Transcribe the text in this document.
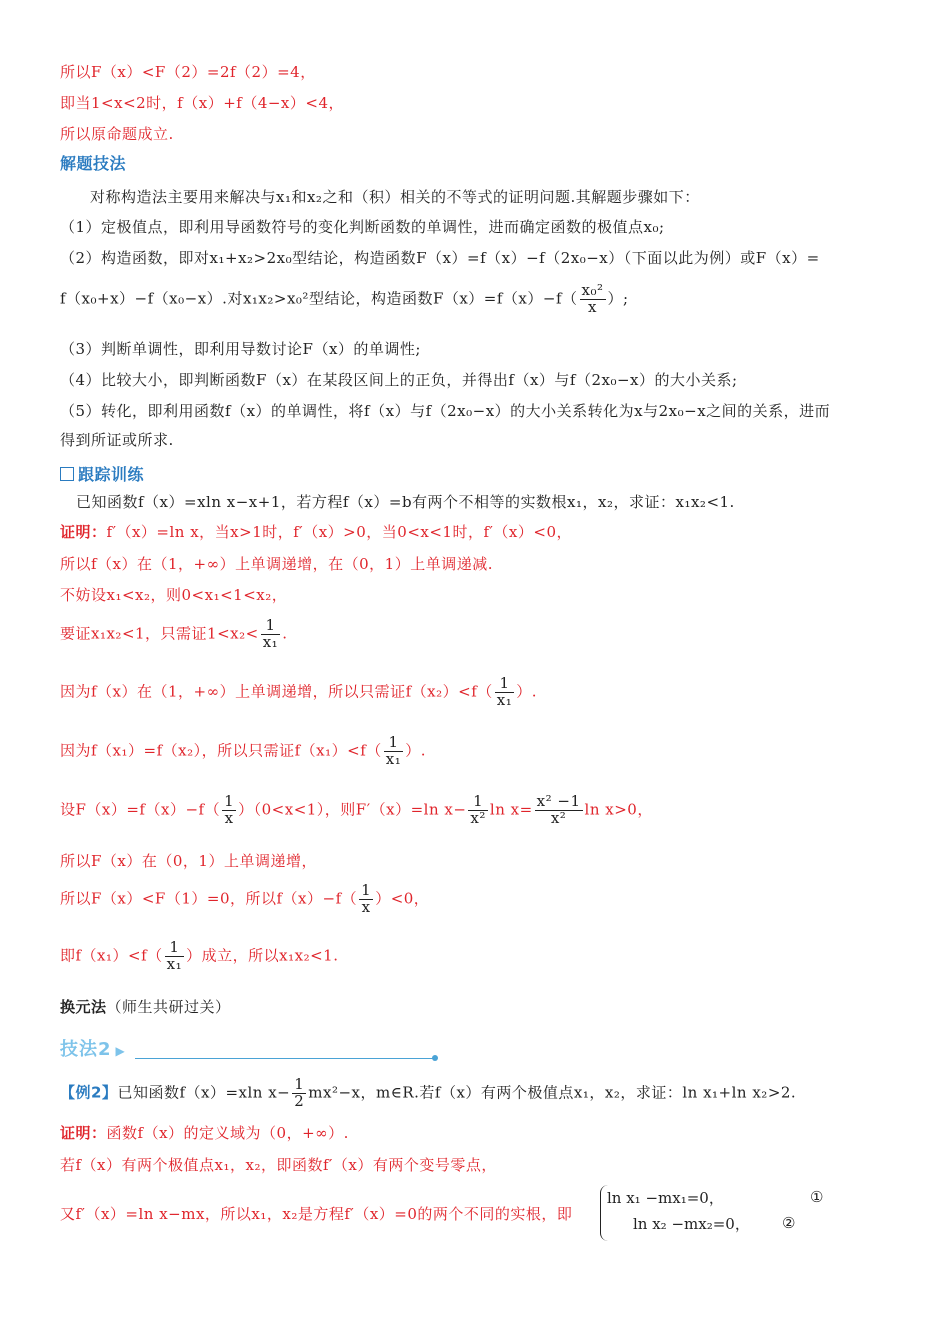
所以F（x）<F（2）=2f（2）=4，
即当1<x<2时，f（x）+f（4−x）<4，
所以原命题成立.
解题技法
对称构造法主要用来解决与x₁和x₂之和（积）相关的不等式的证明问题.其解题步骤如下：
（1）定极值点，即利用导函数符号的变化判断函数的单调性，进而确定函数的极值点x₀;
（2）构造函数，即对x₁+x₂>2x₀型结论，构造函数F（x）=f（x）−f（2x₀−x）（下面以此为例）或F（x）=
f（x₀+x）−f（x₀−x）.对x₁x₂>x₀²型结论，构造函数$F(x)=f(x)-f( \frac{\text{x₀²}}{x}$ ）;
（3）判断单调性，即利用导数讨论F（x）的单调性;
（4）比较大小，即判断函数F（x）在某段区间上的正负，并得出f（x）与f（2x₀−x）的大小关系;
（5）转化，即利用函数f（x）的单调性，将f（x）与f（2x₀−x）的大小关系转化为x与2x₀−x之间的关系，进而
得到所证或所求.
跟踪训练
已知函数f（x）=xln x−x+1，若方程f（x）=b有两个不相等的实数根x₁，x₂，求证：x₁x₂<1.
证明：f′（x）=ln x，当x>1时，f′（x）>0，当0<x<1时，f′（x）<0，
所以f（x）在（1，+∞）上单调递增，在（0，1）上单调递减.
不妨设x₁<x₂，则0<x₁<1<x₂，
要证x₁x₂<1，只需证$1<x_2< \frac{1}{\text{x₁}}$ .
因为f（x）在（1，+∞）上单调递增，所以只需证$f(x_2)<f( \frac{1}{\text{x₁}}$ ）.
因为f（x₁）=f（x₂），所以只需证$f(x_1)<f( \frac{1}{\text{x₁}}$ ）.
设$F(x)=f(x)-f( \frac{1}{x} )(0<x<1)$，则F′（x）=ln $x- \frac{1}{\text{x²}}$ $\ln x= \frac{\text{x² −1}}{\text{x²}}$ ln x>0，
所以F（x）在（0，1）上单调递增，
所以F（x）<F（1）=0，所以$f(x)-f( \frac{1}{x} )<0$，
即$f(x_1)<f( \frac{1}{\text{x₁}}$ ）成立，所以x₁x₂<1.
换元法（师生共研过关）
技法2 ▶
【例2】已知函数f（x）=xln $x- \frac{1}{2} mx^2-x$，m∈R.若f（x）有两个极值点x₁，x₂，求证：ln x₁+ln x₂>2.
证明：函数f（x）的定义域为（0，+∞）.
若f（x）有两个极值点x₁，x₂，即函数f′（x）有两个变号零点，
又f′（x）=ln x−mx，所以x₁，x₂是方程f′（x）=0的两个不同的实根，即
ln x₁ −mx₁=0，
ln x₂ −mx₂=0，
①
②
